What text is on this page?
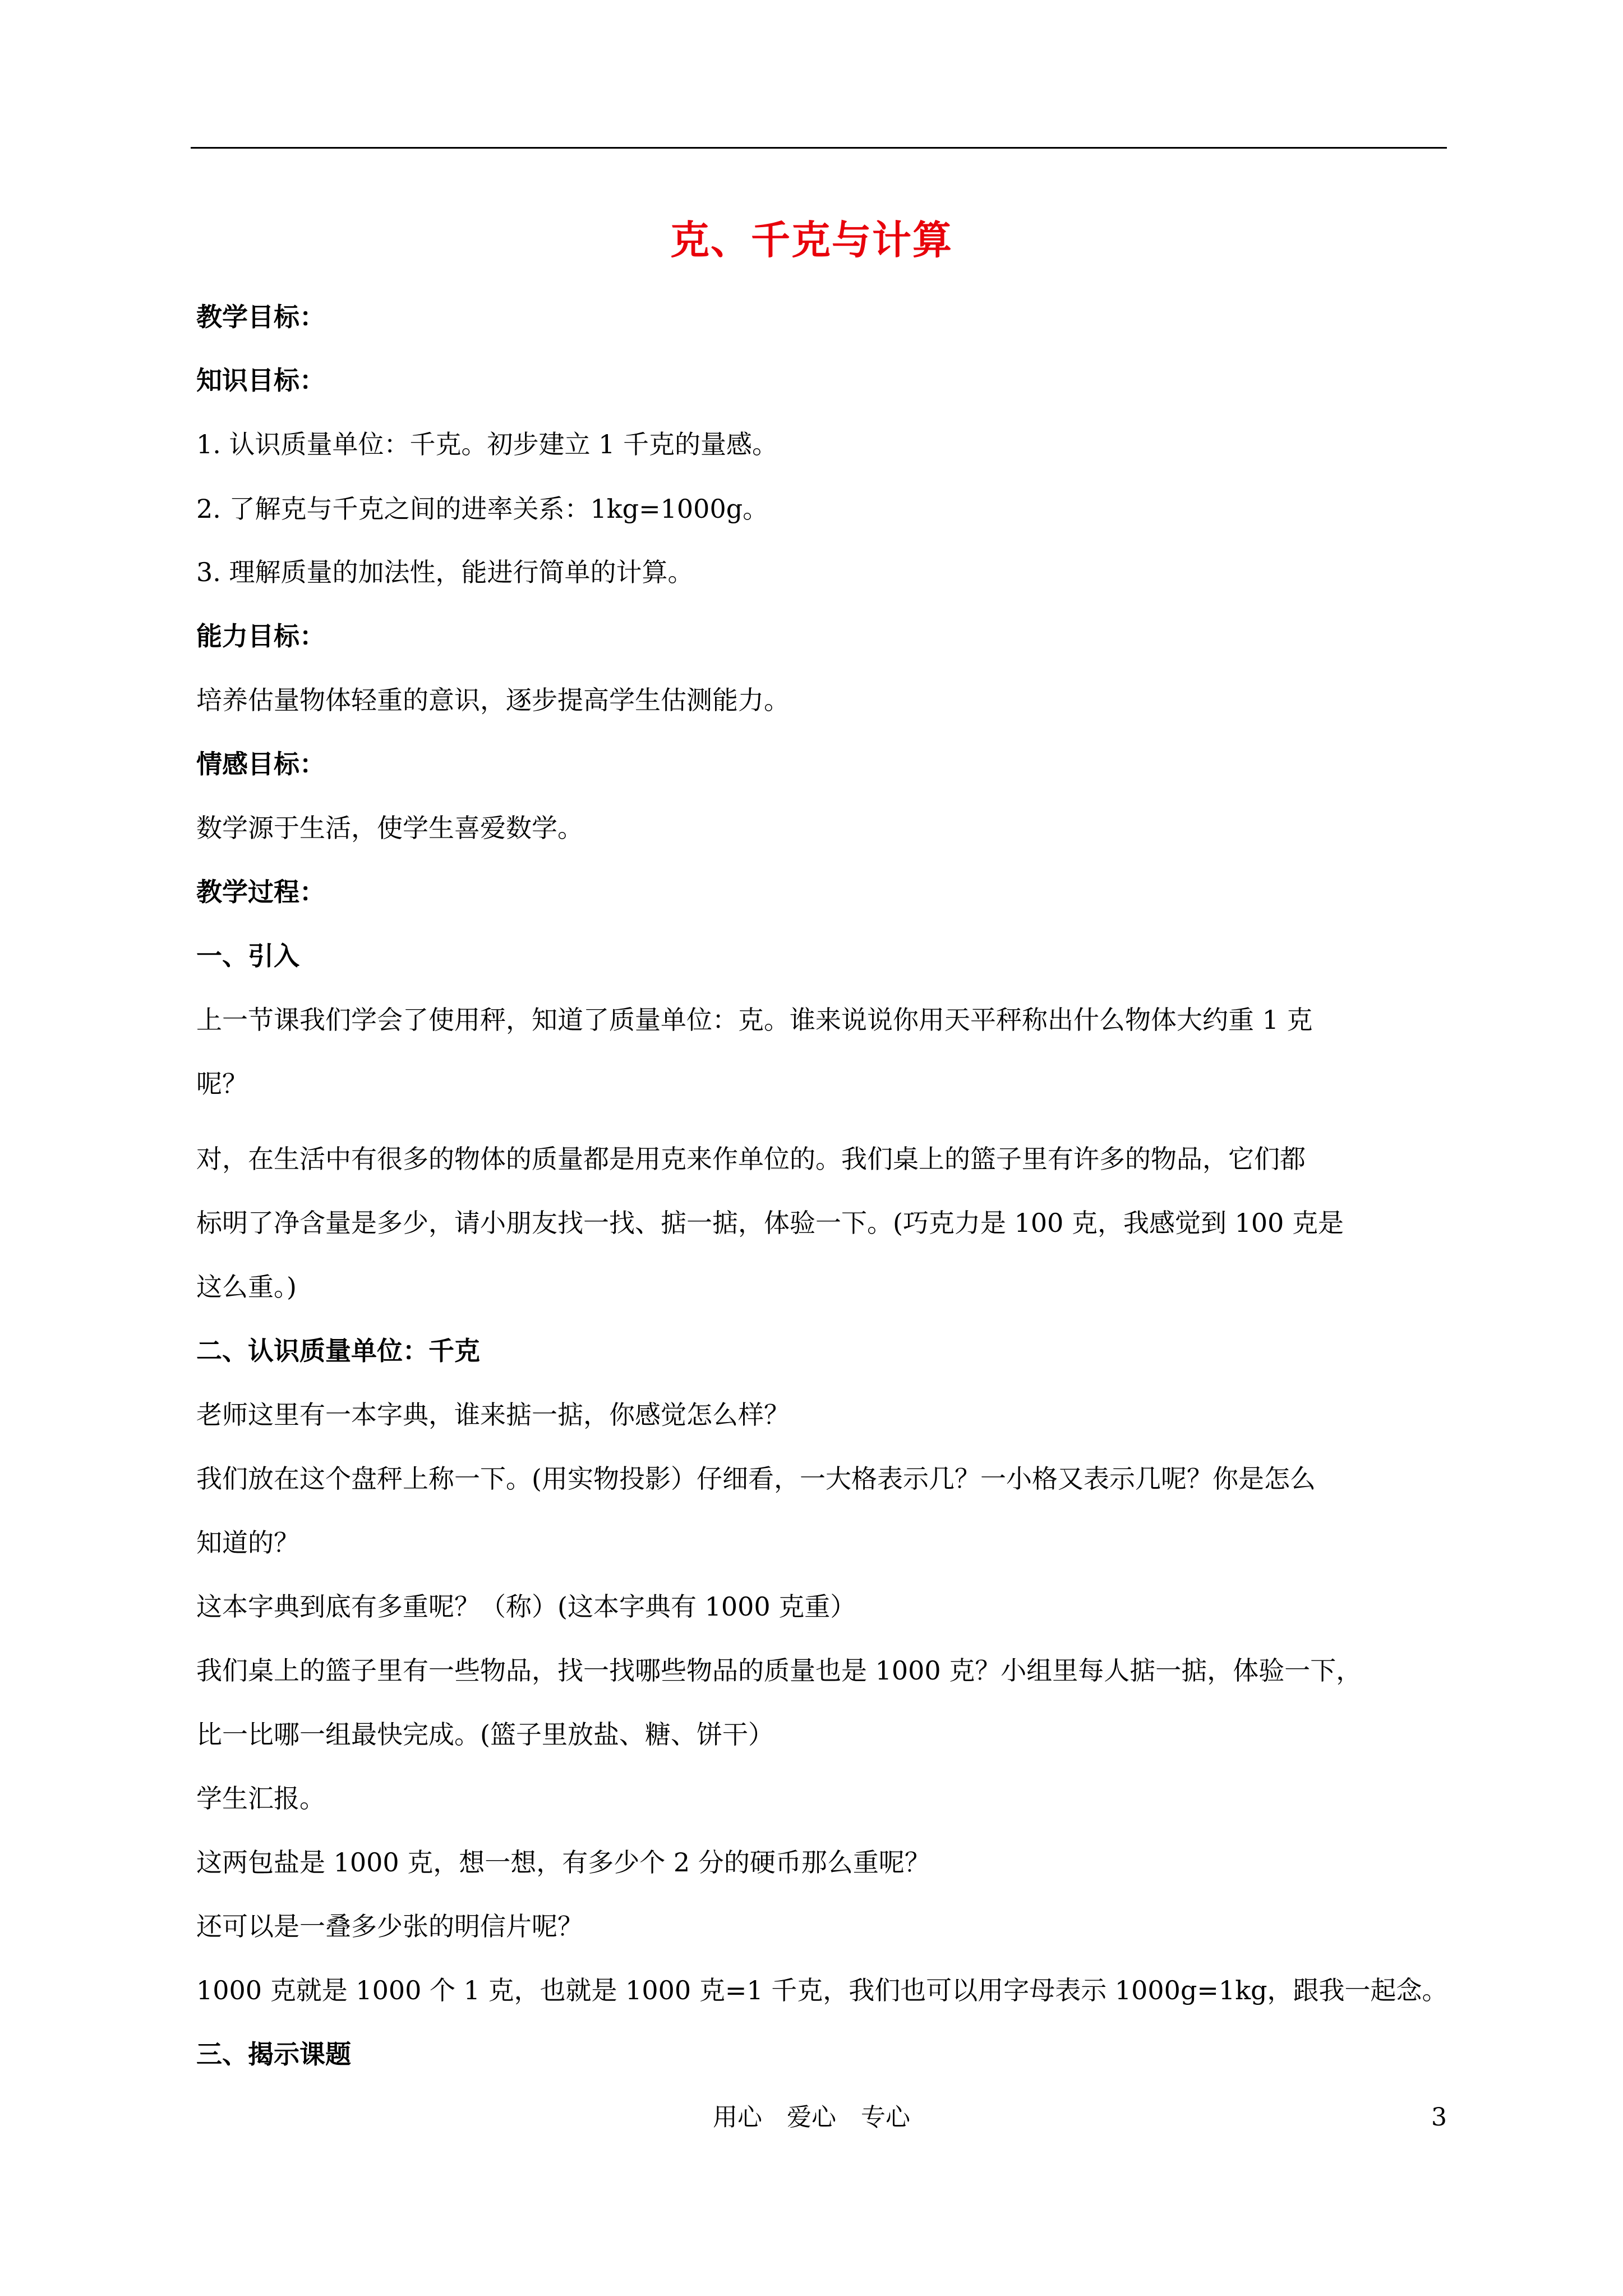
克、千克与计算

教学目标：

知识目标：

1. 认识质量单位：千克。初步建立 1 千克的量感。

2. 了解克与千克之间的进率关系：1kg=1000g。

3. 理解质量的加法性，能进行简单的计算。

能力目标：

培养估量物体轻重的意识，逐步提高学生估测能力。

情感目标：

数学源于生活，使学生喜爱数学。

教学过程：

一、引入

上一节课我们学会了使用秤，知道了质量单位：克。谁来说说你用天平秤称出什么物体大约重 1 克

呢？

对，在生活中有很多的物体的质量都是用克来作单位的。我们桌上的篮子里有许多的物品，它们都

标明了净含量是多少，请小朋友找一找、掂一掂，体验一下。(巧克力是 100 克，我感觉到 100 克是

这么重。)

二、认识质量单位：千克

老师这里有一本字典，谁来掂一掂，你感觉怎么样？

我们放在这个盘秤上称一下。(用实物投影）仔细看，一大格表示几？一小格又表示几呢？你是怎么

知道的？

这本字典到底有多重呢？（称）(这本字典有 1000 克重）

我们桌上的篮子里有一些物品，找一找哪些物品的质量也是 1000 克？小组里每人掂一掂，体验一下，

比一比哪一组最快完成。(篮子里放盐、糖、饼干）

学生汇报。

这两包盐是 1000 克，想一想，有多少个 2 分的硬币那么重呢？

还可以是一叠多少张的明信片呢？

1000 克就是 1000 个 1 克，也就是 1000 克=1 千克，我们也可以用字母表示 1000g=1kg，跟我一起念。

三、揭示课题

用心　爱心　专心	3
